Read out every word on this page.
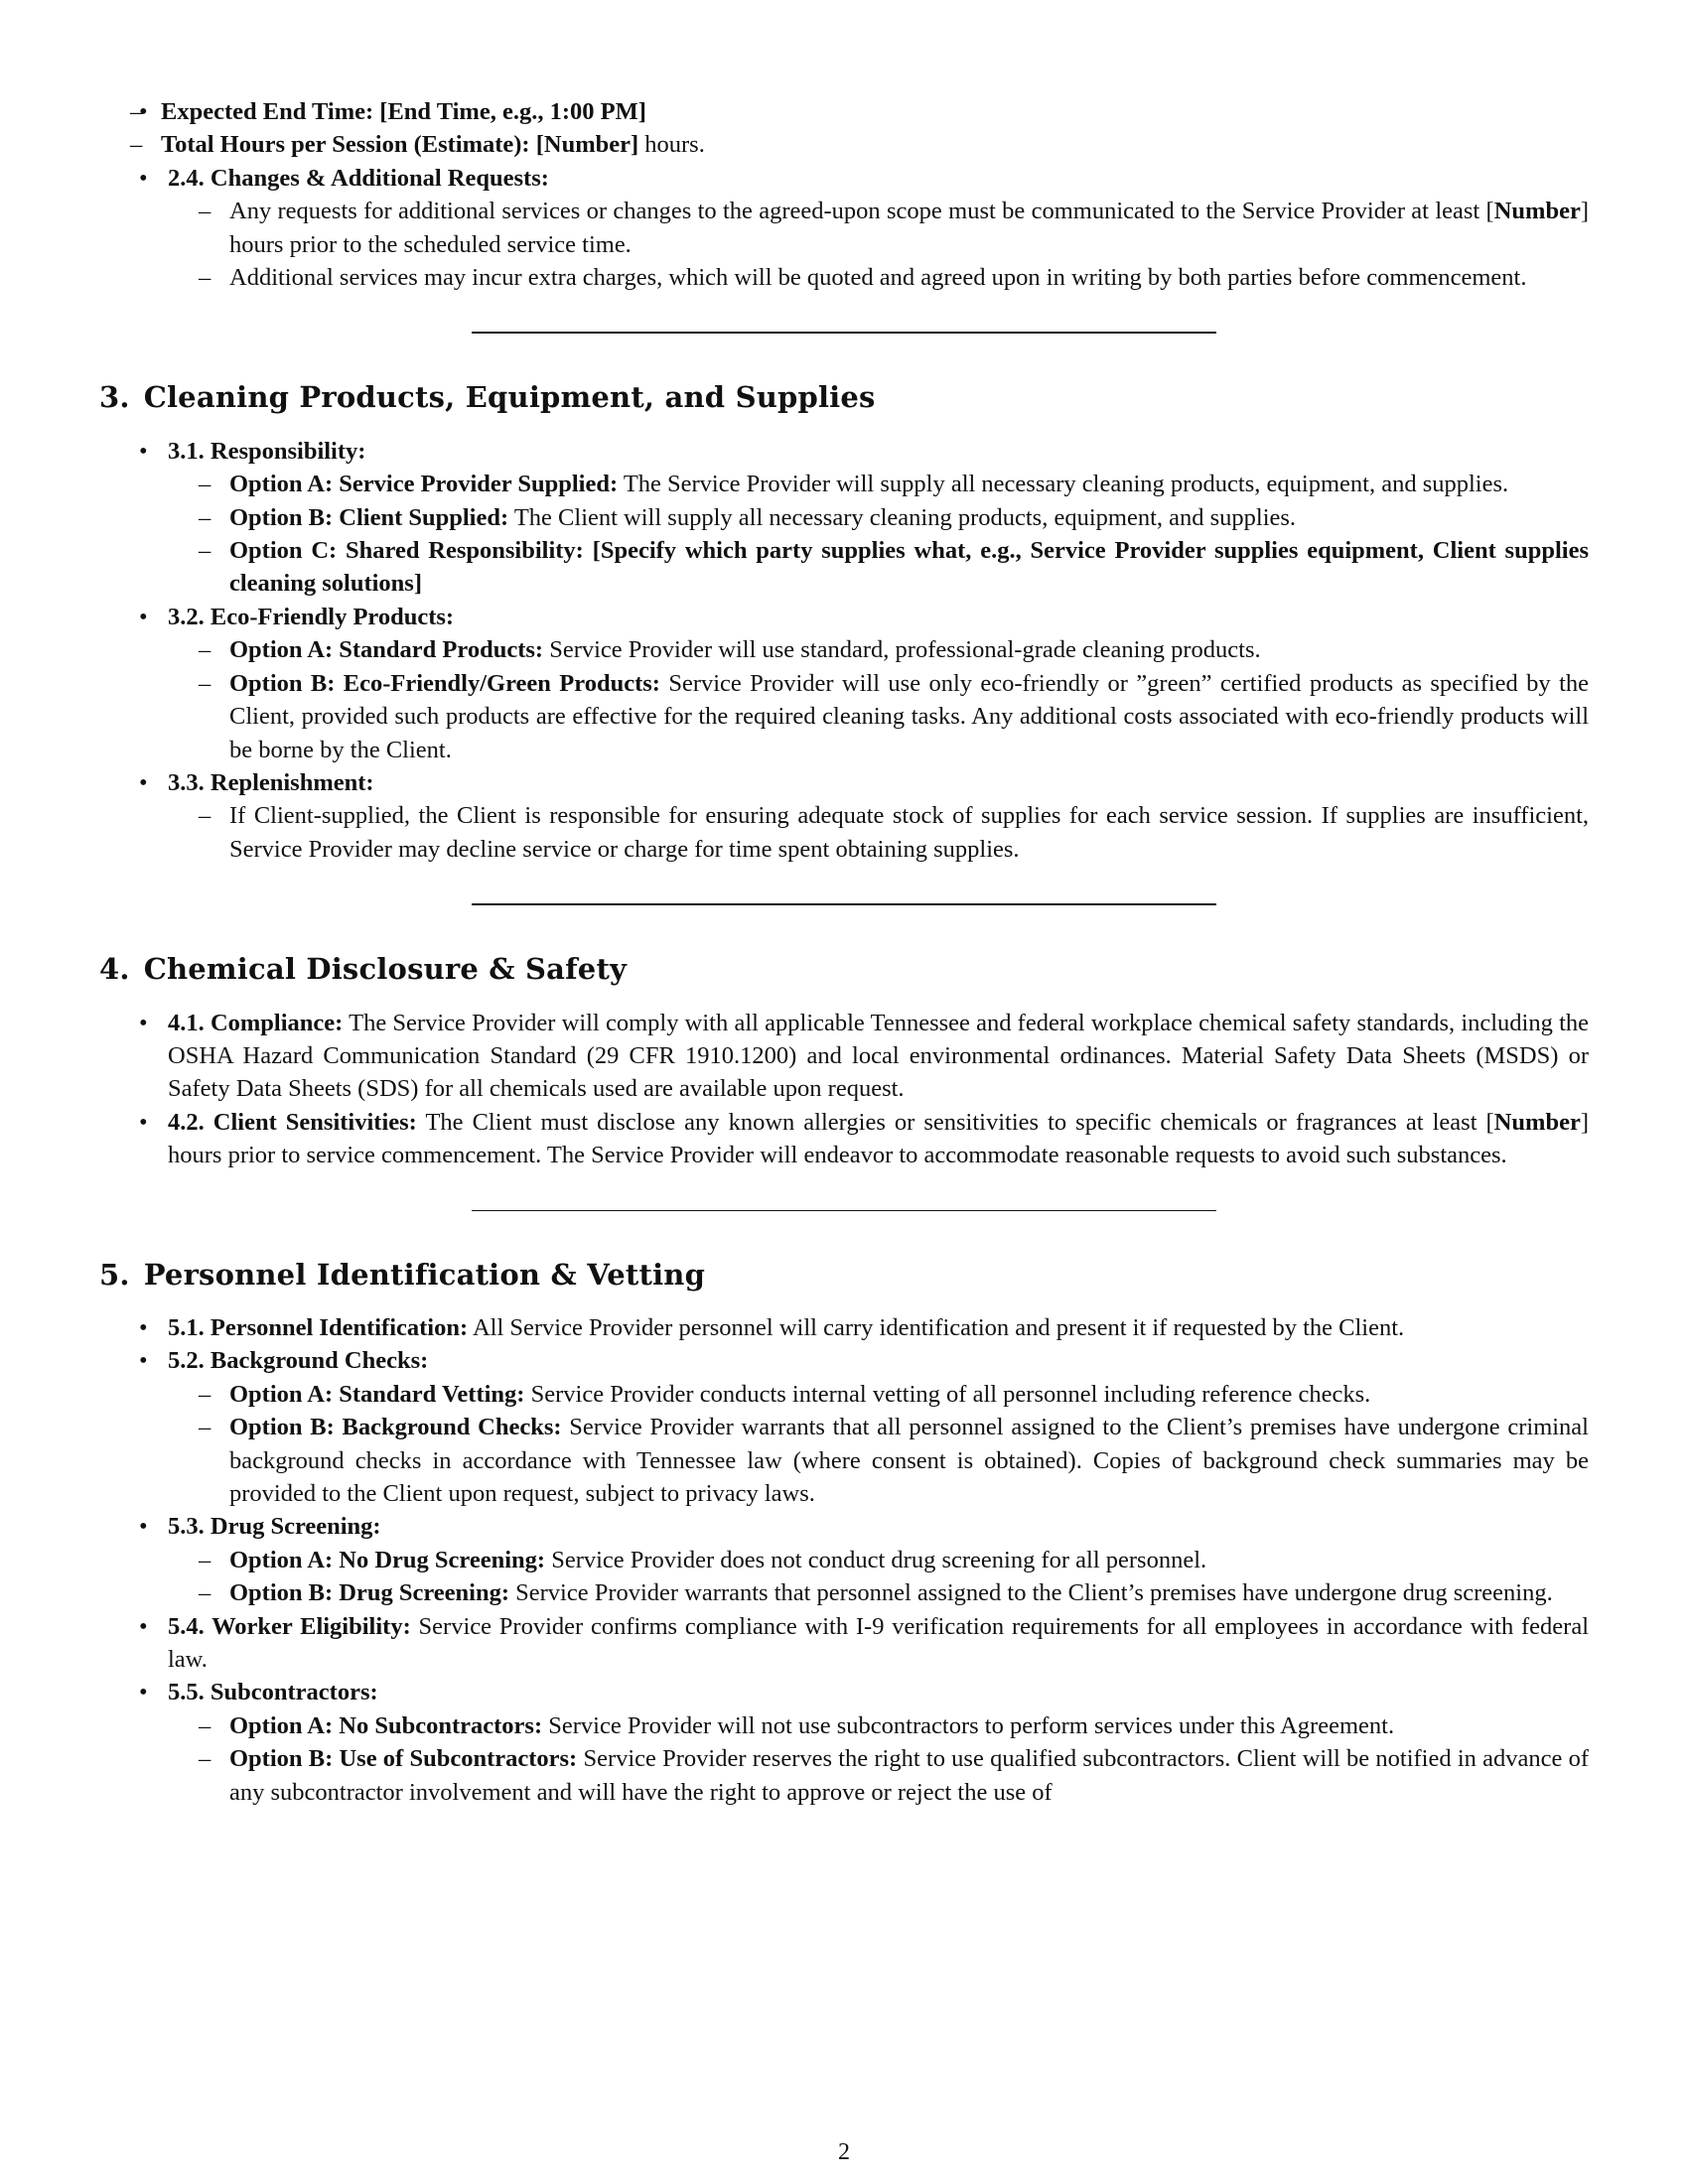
– • Expected End Time: [End Time, e.g., 1:00 PM]
– Total Hours per Session (Estimate): [Number] hours.
• 2.4. Changes & Additional Requests:
– Any requests for additional services or changes to the agreed-upon scope must be communicated to the Service Provider at least [Number] hours prior to the scheduled service time.
– Additional services may incur extra charges, which will be quoted and agreed upon in writing by both parties before commencement.
3. Cleaning Products, Equipment, and Supplies
• 3.1. Responsibility:
– Option A: Service Provider Supplied: The Service Provider will supply all necessary cleaning products, equipment, and supplies.
– Option B: Client Supplied: The Client will supply all necessary cleaning products, equipment, and supplies.
– Option C: Shared Responsibility: [Specify which party supplies what, e.g., Service Provider supplies equipment, Client supplies cleaning solutions]
• 3.2. Eco-Friendly Products:
– Option A: Standard Products: Service Provider will use standard, professional-grade cleaning products.
– Option B: Eco-Friendly/Green Products: Service Provider will use only eco-friendly or ”green” certified products as specified by the Client, provided such products are effective for the required cleaning tasks. Any additional costs associated with eco-friendly products will be borne by the Client.
• 3.3. Replenishment:
– If Client-supplied, the Client is responsible for ensuring adequate stock of supplies for each service session. If supplies are insufficient, Service Provider may decline service or charge for time spent obtaining supplies.
4. Chemical Disclosure & Safety
• 4.1. Compliance: The Service Provider will comply with all applicable Tennessee and federal workplace chemical safety standards, including the OSHA Hazard Communication Standard (29 CFR 1910.1200) and local environmental ordinances. Material Safety Data Sheets (MSDS) or Safety Data Sheets (SDS) for all chemicals used are available upon request.
• 4.2. Client Sensitivities: The Client must disclose any known allergies or sensitivities to specific chemicals or fragrances at least [Number] hours prior to service commencement. The Service Provider will endeavor to accommodate reasonable requests to avoid such substances.
5. Personnel Identification & Vetting
• 5.1. Personnel Identification: All Service Provider personnel will carry identification and present it if requested by the Client.
• 5.2. Background Checks:
– Option A: Standard Vetting: Service Provider conducts internal vetting of all personnel including reference checks.
– Option B: Background Checks: Service Provider warrants that all personnel assigned to the Client’s premises have undergone criminal background checks in accordance with Tennessee law (where consent is obtained). Copies of background check summaries may be provided to the Client upon request, subject to privacy laws.
• 5.3. Drug Screening:
– Option A: No Drug Screening: Service Provider does not conduct drug screening for all personnel.
– Option B: Drug Screening: Service Provider warrants that personnel assigned to the Client’s premises have undergone drug screening.
• 5.4. Worker Eligibility: Service Provider confirms compliance with I-9 verification requirements for all employees in accordance with federal law.
• 5.5. Subcontractors:
– Option A: No Subcontractors: Service Provider will not use subcontractors to perform services under this Agreement.
– Option B: Use of Subcontractors: Service Provider reserves the right to use qualified subcontractors. Client will be notified in advance of any subcontractor involvement and will have the right to approve or reject the use of
2
